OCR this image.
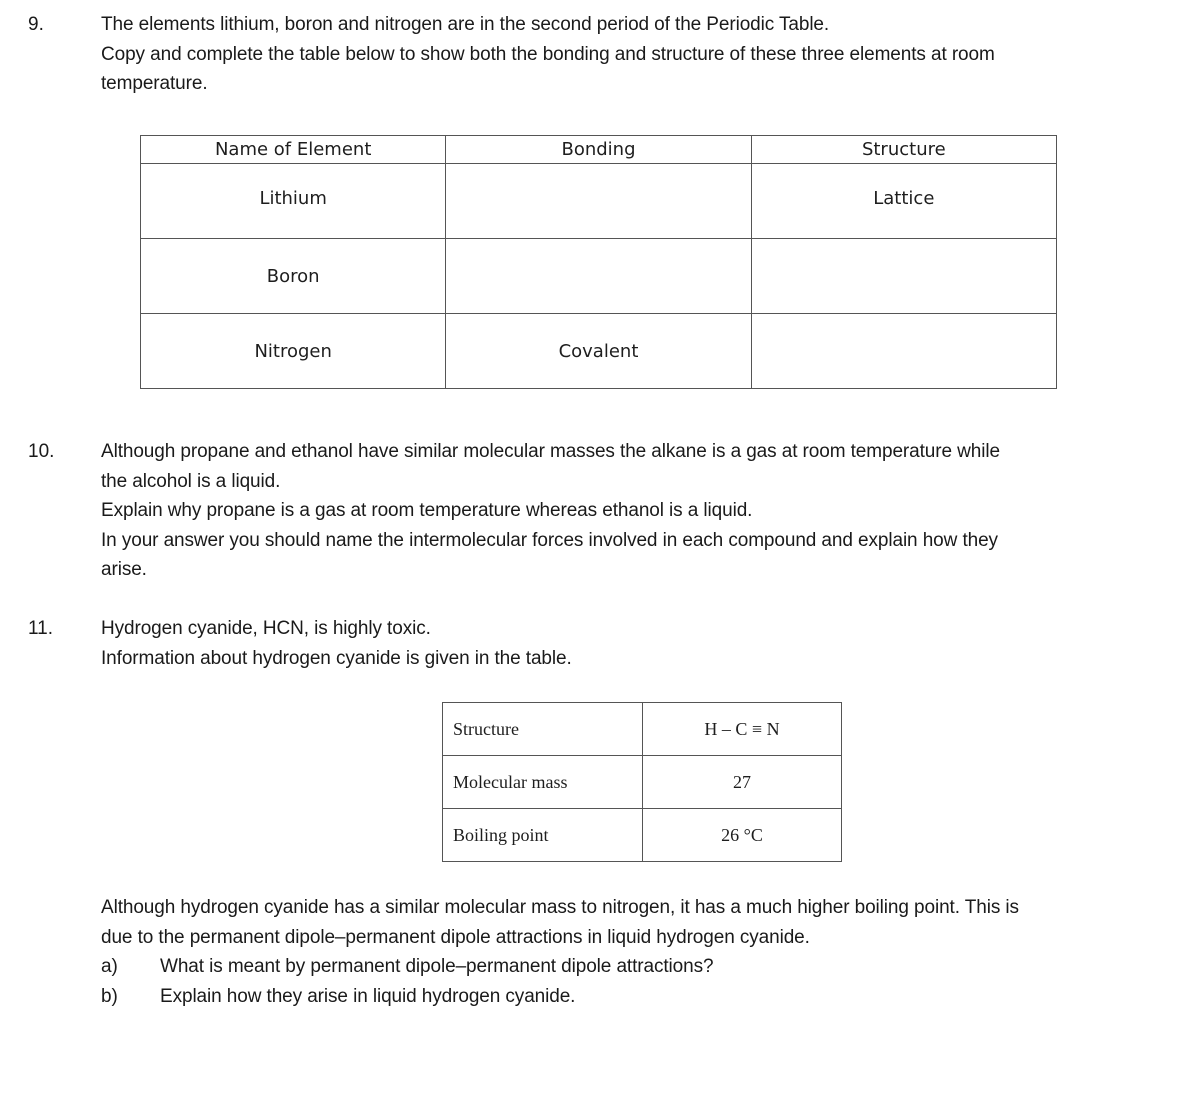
9.	The elements lithium, boron and nitrogen are in the second period of the Periodic Table.

Copy and complete the table below to show both the bonding and structure of these three elements at room

temperature.

Name of Element	Bonding	Structure
Lithium		Lattice
Boron		
Nitrogen	Covalent	
10. Although propane and ethanol have similar molecular masses the alkane is a gas at room temperature while

the alcohol is a liquid.

Explain why propane is a gas at room temperature whereas ethanol is a liquid.

In your answer you should name the intermolecular forces involved in each compound and explain how they

arise.

11.	Hydrogen cyanide, HCN, is highly toxic.

Information about hydrogen cyanide is given in the table.

Structure	H – C ≡ N
Molecular mass	27
Boiling point	26 °C

Although hydrogen cyanide has a similar molecular mass to nitrogen, it has a much higher boiling point. This is

due to the permanent dipole–permanent dipole attractions in liquid hydrogen cyanide.

a)	What is meant by permanent dipole–permanent dipole attractions?
b)	Explain how they arise in liquid hydrogen cyanide.
